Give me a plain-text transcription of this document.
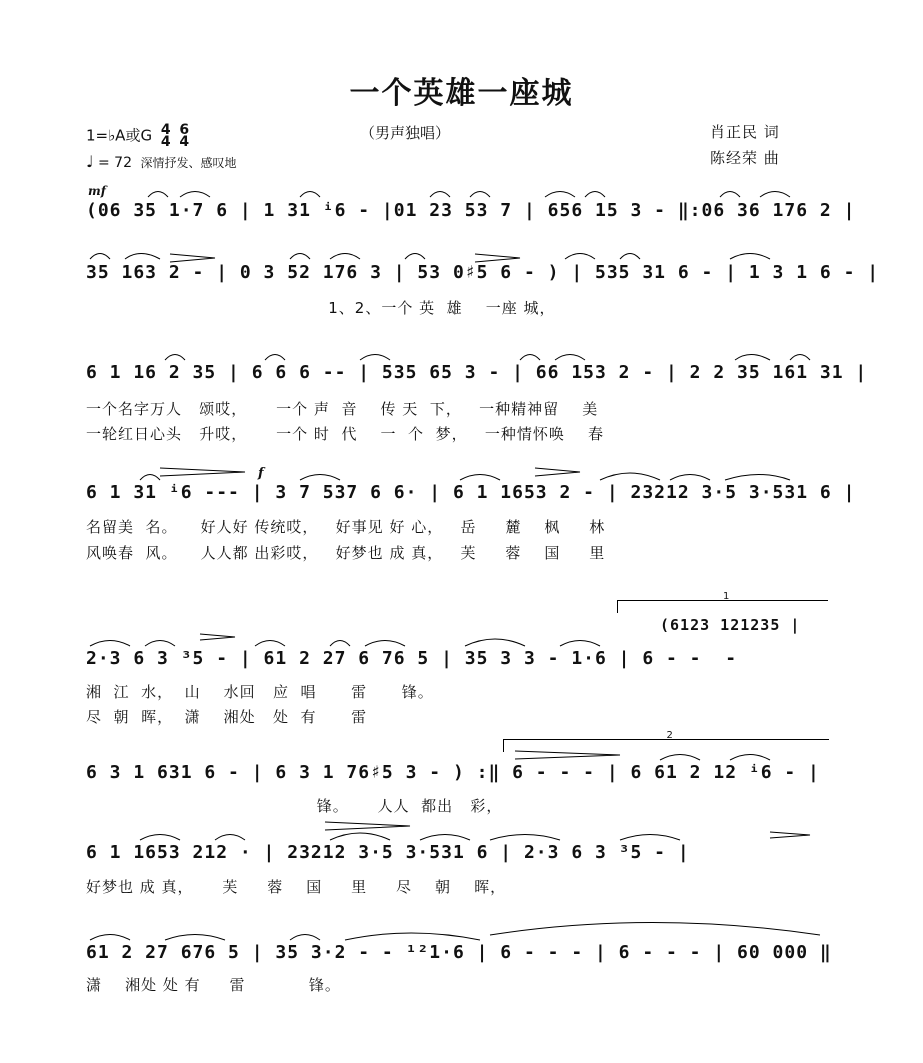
一个英雄一座城
1=♭A或G 4
4

6
4
♩ = 72 深情抒发、感叹地
（男声独唱）	肖正民 词
陈经荣 曲
mf
f
(06 35 1·7 6 | 1 31 ⁱ6 - |01 23 53 7 | 656 15 3 - ‖:06 36 176 2 |
35 163 2 - | 0 3 52 176 3 | 53 0♯5 6 - ) | 535 31 6 - | 1 3 1 6 - |
1、2、一个 英  雄    一座 城，
6 1 16 2 35 | 6 6 6 -- | 535 65 3 - | 66 153 2 - | 2 2 35 161 31 |
一个名字万人   颂哎，     一个 声  音    传 天  下，   一种精神留    美
一轮红日心头   升哎，     一个 时  代    一  个  梦，   一种情怀唤    春
6 1 31 ⁱ6 --- | 3 7 537 6 6· | 6 1 1653 2 - | 23212 3·5 3·531 6 |
名留美  名。    好人好 传统哎，   好事见 好 心，   岳     麓    枫     林
风唤春  风。    人人都 出彩哎，   好梦也 成 真，   芙     蓉    国     里
1
(6123 121235 |
2·3 6 3 ³5 - | 61 2 27 6 76 5 | 35 3 3 - 1·6 | 6 - -  -
湘  江  水，  山    水回   应  唱      雷      锋。
尽  朝  晖，  潇    湘处   处  有      雷
2
6 3 1 631 6 - | 6 3 1 76♯5 3 - ) :‖ 6 - - - | 6 61 2 12 ⁱ6 - |
锋。     人人  都出   彩，
6 1 1653 212 · | 23212 3·5 3·531 6 | 2·3 6 3 ³5 - |
好梦也 成 真，     芙     蓉    国     里     尽    朝    晖，
61 2 27 676 5 | 35 3·2 - - ¹²1·6 | 6 - - - | 6 - - - | 60 000 ‖
潇    湘处 处 有     雷           锋。
